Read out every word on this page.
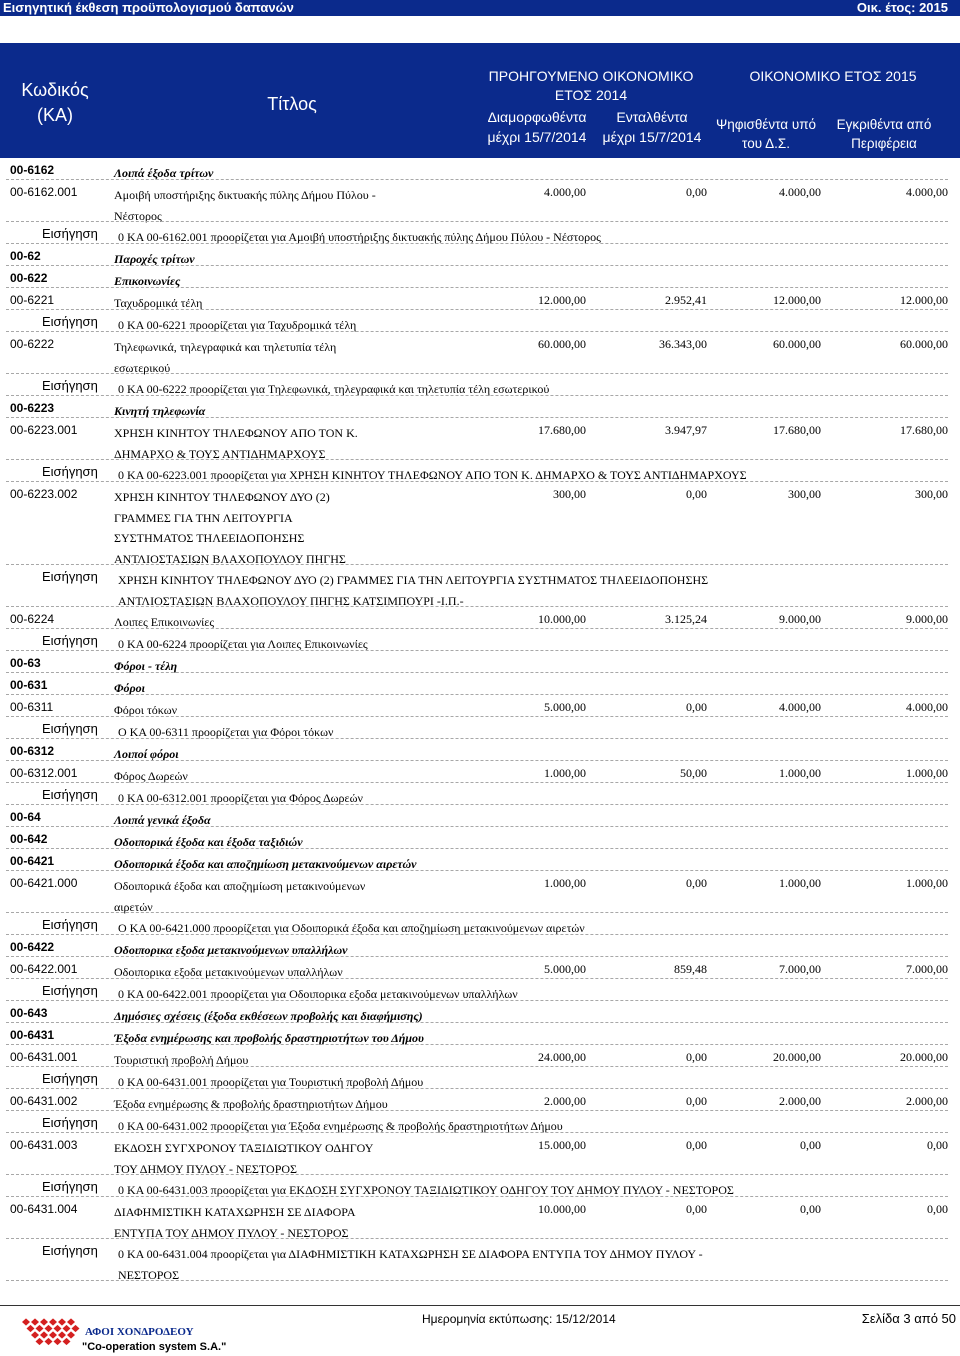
Εισηγητική έκθεση προϋπολογισμού δαπανών	Οικ. έτος: 2015
Κωδικός
(ΚΑ)
Τίτλος
ΠΡΟΗΓΟΥΜΕΝΟ ΟΙΚΟΝΟΜΙΚΟ
ΕΤΟΣ 2014
Διαμορφωθέντα
μέχρι 15/7/2014
Ενταλθέντα
μέχρι 15/7/2014
ΟΙΚΟΝΟΜΙΚΟ ΕΤΟΣ 2015
Ψηφισθέντα υπό
του Δ.Σ.
Εγκριθέντα από
Περιφέρεια
00-6162	Λοιπά έξοδα τρίτων
00-6162.001	Αμοιβή υποστήριξης δικτυακής πύλης Δήμου Πύλου -
Νέστορος
4.000,00	0,00	4.000,00	4.000,00
Εισήγηση 0 ΚΑ 00-6162.001 προορίζεται για Αμοιβή υποστήριξης δικτυακής πύλης Δήμου Πύλου - Νέστορος
00-62	Παροχές τρίτων
00-622	Επικοινωνίες
00-6221	Ταχυδρομικά τέλη	12.000,00	2.952,41	12.000,00	12.000,00
Εισήγηση 0 ΚΑ 00-6221 προορίζεται για Ταχυδρομικά τέλη
00-6222	Τηλεφωνικά, τηλεγραφικά και τηλετυπία τέλη
εσωτερικού
60.000,00	36.343,00	60.000,00	60.000,00
Εισήγηση 0 ΚΑ 00-6222 προορίζεται για Τηλεφωνικά, τηλεγραφικά και τηλετυπία τέλη εσωτερικού
00-6223	Κινητή τηλεφωνία
00-6223.001	ΧΡΗΣΗ ΚΙΝΗΤΟΥ ΤΗΛΕΦΩΝΟΥ ΑΠΟ ΤΟΝ Κ.
ΔΗΜΑΡΧΟ & ΤΟΥΣ ΑΝΤΙΔΗΜΑΡΧΟΥΣ
17.680,00	3.947,97	17.680,00	17.680,00
Εισήγηση 0 ΚΑ 00-6223.001 προορίζεται για ΧΡΗΣΗ ΚΙΝΗΤΟΥ ΤΗΛΕΦΩΝΟΥ ΑΠΟ ΤΟΝ Κ. ΔΗΜΑΡΧΟ & ΤΟΥΣ ΑΝΤΙΔΗΜΑΡΧΟΥΣ
00-6223.002	ΧΡΗΣΗ ΚΙΝΗΤΟΥ ΤΗΛΕΦΩΝΟΥ ΔΥΟ (2)
ΓΡΑΜΜΕΣ ΓΙΑ ΤΗΝ ΛΕΙΤΟΥΡΓΙΑ
ΣΥΣΤΗΜΑΤΟΣ ΤΗΛΕΕΙΔΟΠΟΗΣΗΣ
ΑΝΤΛΙΟΣΤΑΣΙΩΝ ΒΛΑΧΟΠΟΥΛΟΥ ΠΗΓΗΣ
300,00	0,00	300,00	300,00
Εισήγηση ΧΡΗΣΗ ΚΙΝΗΤΟΥ ΤΗΛΕΦΩΝΟΥ ΔΥΟ (2) ΓΡΑΜΜΕΣ ΓΙΑ ΤΗΝ ΛΕΙΤΟΥΡΓΙΑ ΣΥΣΤΗΜΑΤΟΣ ΤΗΛΕΕΙΔΟΠΟΗΣΗΣ
ΑΝΤΛΙΟΣΤΑΣΙΩΝ ΒΛΑΧΟΠΟΥΛΟΥ ΠΗΓΗΣ ΚΑΤΣΙΜΠΟΥΡΙ -Ι.Π.-
00-6224	Λοιπες Επικοινωνίες	10.000,00	3.125,24	9.000,00	9.000,00
Εισήγηση 0 ΚΑ 00-6224 προορίζεται για Λοιπες Επικοινωνίες
00-63	Φόροι - τέλη
00-631	Φόροι
00-6311	Φόροι τόκων	5.000,00	0,00	4.000,00	4.000,00
Εισήγηση Ο ΚΑ 00-6311 προορίζεται για Φόροι τόκων
00-6312	Λοιποί φόροι
00-6312.001	Φόρος Δωρεών	1.000,00	50,00	1.000,00	1.000,00
Εισήγηση 0 ΚΑ 00-6312.001 προορίζεται για Φόρος Δωρεών
00-64	Λοιπά γενικά έξοδα
00-642	Οδοιπορικά έξοδα και έξοδα ταξιδιών
00-6421	Οδοιπορικά έξοδα και αποζημίωση μετακινούμενων αιρετών
00-6421.000	Οδοιπορικά έξοδα και αποζημίωση μετακινούμενων
αιρετών
1.000,00	0,00	1.000,00	1.000,00
Εισήγηση Ο ΚΑ 00-6421.000 προορίζεται για Οδοιπορικά έξοδα και αποζημίωση μετακινούμενων αιρετών
00-6422	Οδοιπορικα εξοδα μετακινούμενων υπαλλήλων
00-6422.001	Οδοιπορικα εξοδα μετακινούμενων υπαλλήλων	5.000,00	859,48	7.000,00	7.000,00
Εισήγηση 0 ΚΑ 00-6422.001 προορίζεται για Οδοιπορικα εξοδα μετακινούμενων υπαλλήλων
00-643	Δημόσιες σχέσεις (έξοδα εκθέσεων προβολής και διαφήμισης)
00-6431	Έξοδα ενημέρωσης και προβολής δραστηριοτήτων του Δήμου
00-6431.001	Τουριστική προβολή Δήμου	24.000,00	0,00	20.000,00	20.000,00
Εισήγηση 0 ΚΑ 00-6431.001 προορίζεται για Τουριστική προβολή Δήμου
00-6431.002	Έξοδα ενημέρωσης & προβολής δραστηριοτήτων Δήμου	2.000,00	0,00	2.000,00	2.000,00
Εισήγηση 0 ΚΑ 00-6431.002 προορίζεται για Έξοδα ενημέρωσης & προβολής δραστηριοτήτων Δήμου
00-6431.003	ΕΚΔΟΣΗ ΣΥΓΧΡΟΝΟΥ ΤΑΞΙΔΙΩΤΙΚΟΥ ΟΔΗΓΟΥ
ΤΟΥ ΔΗΜΟΥ ΠΥΛΟΥ - ΝΕΣΤΟΡΟΣ
15.000,00	0,00	0,00	0,00
Εισήγηση 0 ΚΑ 00-6431.003 προορίζεται για ΕΚΔΟΣΗ ΣΥΓΧΡΟΝΟΥ ΤΑΞΙΔΙΩΤΙΚΟΥ ΟΔΗΓΟΥ ΤΟΥ ΔΗΜΟΥ ΠΥΛΟΥ - ΝΕΣΤΟΡΟΣ
00-6431.004	ΔΙΑΦΗΜΙΣΤΙΚΗ ΚΑΤΑΧΩΡΗΣΗ ΣΕ ΔΙΑΦΟΡΑ
ΕΝΤΥΠΑ ΤΟΥ ΔΗΜΟΥ ΠΥΛΟΥ - ΝΕΣΤΟΡΟΣ
10.000,00	0,00	0,00	0,00
Εισήγηση 0 ΚΑ 00-6431.004 προορίζεται για ΔΙΑΦΗΜΙΣΤΙΚΗ ΚΑΤΑΧΩΡΗΣΗ ΣΕ ΔΙΑΦΟΡΑ ΕΝΤΥΠΑ ΤΟΥ ΔΗΜΟΥ ΠΥΛΟΥ -
ΝΕΣΤΟΡΟΣ
ΑΦΟΙ ΧΟΝΔΡΟΔΕΟΥ
"Co-operation system S.A."
Ημερομηνία εκτύπωσης: 15/12/2014	Σελίδα 3 από 50
